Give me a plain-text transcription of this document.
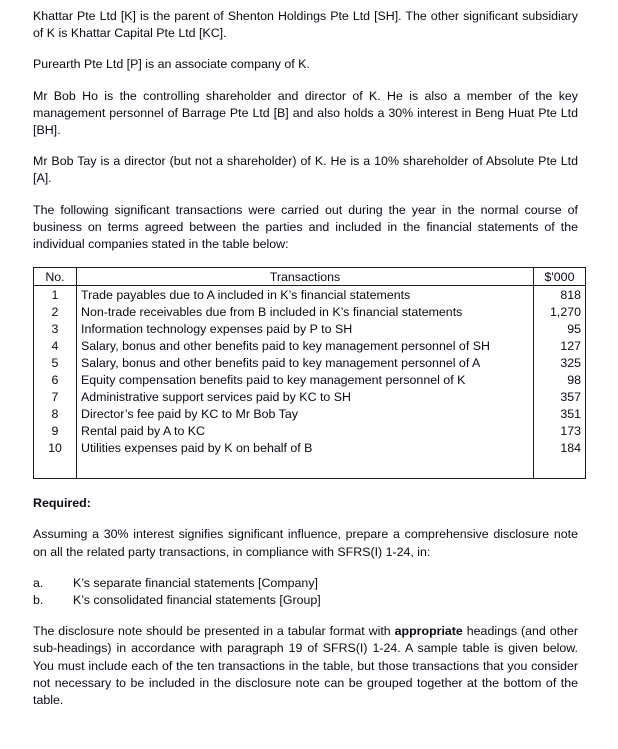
Khattar Pte Ltd [K] is the parent of Shenton Holdings Pte Ltd [SH]. The other significant subsidiary of K is Khattar Capital Pte Ltd [KC].

Purearth Pte Ltd [P] is an associate company of K.

Mr Bob Ho is the controlling shareholder and director of K. He is also a member of the key management personnel of Barrage Pte Ltd [B] and also holds a 30% interest in Beng Huat Pte Ltd [BH].

Mr Bob Tay is a director (but not a shareholder) of K. He is a 10% shareholder of Absolute Pte Ltd [A].

The following significant transactions were carried out during the year in the normal course of business on terms agreed between the parties and included in the financial statements of the individual companies stated in the table below:

No.	Transactions	$'000
1	Trade payables due to A included in K’s financial statements	818
2	Non-trade receivables due from B included in K’s financial statements	1,270
3	Information technology expenses paid by P to SH	95
4	Salary, bonus and other benefits paid to key management personnel of SH	127
5	Salary, bonus and other benefits paid to key management personnel of A	325
6	Equity compensation benefits paid to key management personnel of K	98
7	Administrative support services paid by KC to SH	357
8	Director’s fee paid by KC to Mr Bob Tay	351
9	Rental paid by A to KC	173
10	Utilities expenses paid by K on behalf of B	184

Required:

Assuming a 30% interest signifies significant influence, prepare a comprehensive disclosure note on all the related party transactions, in compliance with SFRS(I) 1-24, in:

a.	K’s separate financial statements [Company]
b.	K’s consolidated financial statements [Group]

The disclosure note should be presented in a tabular format with appropriate headings (and other sub-headings) in accordance with paragraph 19 of SFRS(I) 1-24. A sample table is given below. You must include each of the ten transactions in the table, but those transactions that you consider not necessary to be included in the disclosure note can be grouped together at the bottom of the table.
